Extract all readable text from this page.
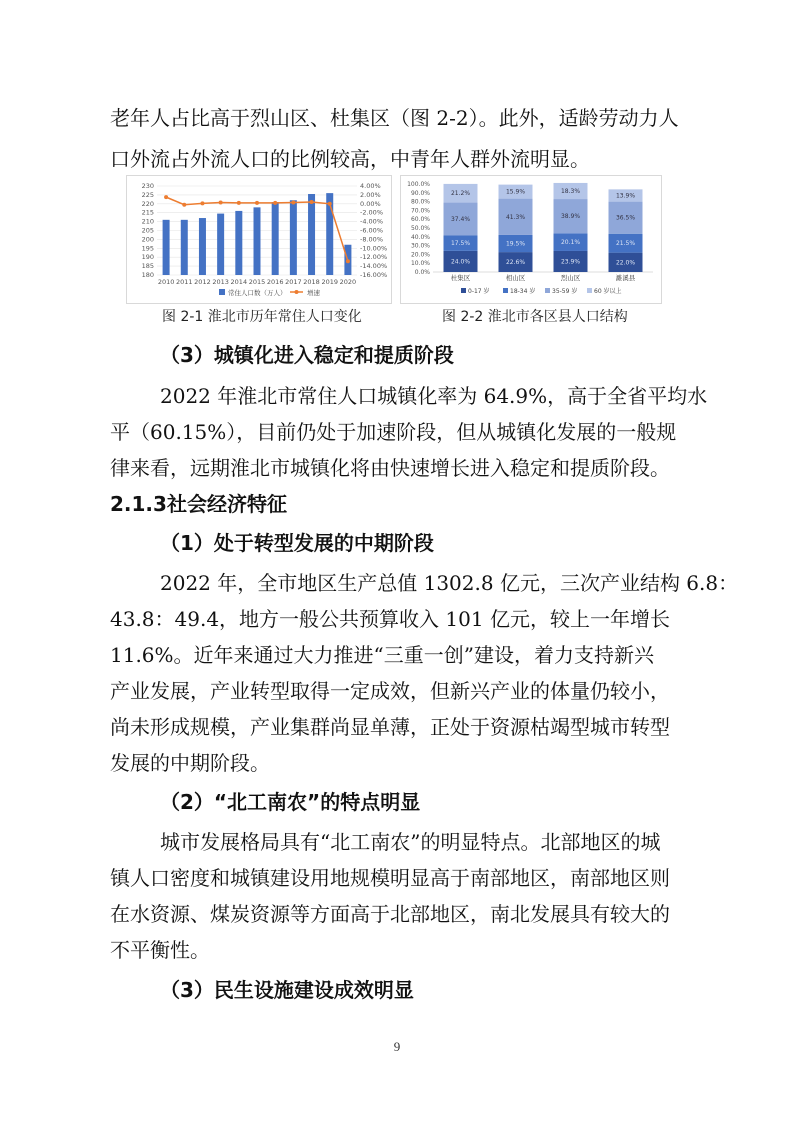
老年人占比高于烈山区、杜集区（图 2-2）。此外，适龄劳动力人
口外流占外流人口的比例较高，中青年人群外流明显。
230
225
220
215
210
205
200
195
190
185
180
4.00%
2.00%
0.00%
-2.00%
-4.00%
-6.00%
-8.00%
-10.00%
-12.00%
-14.00%
-16.00%
2010 2011 2012 2013 2014 2015 2016 2017 2018 2019 2020
常住人口数（万人）	增速
图 2-1 淮北市历年常住人口变化
100.0%
90.0%
80.0%
70.0%
60.0%
50.0%
40.0%
30.0%
20.0%
10.0%
0.0%
杜集区	相山区	烈山区	濉溪县
24.0%
17.5%
37.4%
21.2%
22.6%
19.5%
41.3%
15.9%
23.9%
20.1%
38.9%
18.3%
22.0%
21.5%
36.5%
13.9%
0-17 岁	18-34 岁	35-59 岁	60 岁以上
图 2-2 淮北市各区县人口结构
（3）城镇化进入稳定和提质阶段
2022 年淮北市常住人口城镇化率为 64.9%，高于全省平均水
平（60.15%），目前仍处于加速阶段，但从城镇化发展的一般规
律来看，远期淮北市城镇化将由快速增长进入稳定和提质阶段。
2.1.3社会经济特征
（1）处于转型发展的中期阶段
2022 年，全市地区生产总值 1302.8 亿元，三次产业结构 6.8：
43.8：49.4，地方一般公共预算收入 101 亿元，较上一年增长
11.6%。近年来通过大力推进“三重一创”建设，着力支持新兴
产业发展，产业转型取得一定成效，但新兴产业的体量仍较小，
尚未形成规模，产业集群尚显单薄，正处于资源枯竭型城市转型
发展的中期阶段。
（2）“北工南农”的特点明显
城市发展格局具有“北工南农”的明显特点。北部地区的城
镇人口密度和城镇建设用地规模明显高于南部地区，南部地区则
在水资源、煤炭资源等方面高于北部地区，南北发展具有较大的
不平衡性。
（3）民生设施建设成效明显
9
